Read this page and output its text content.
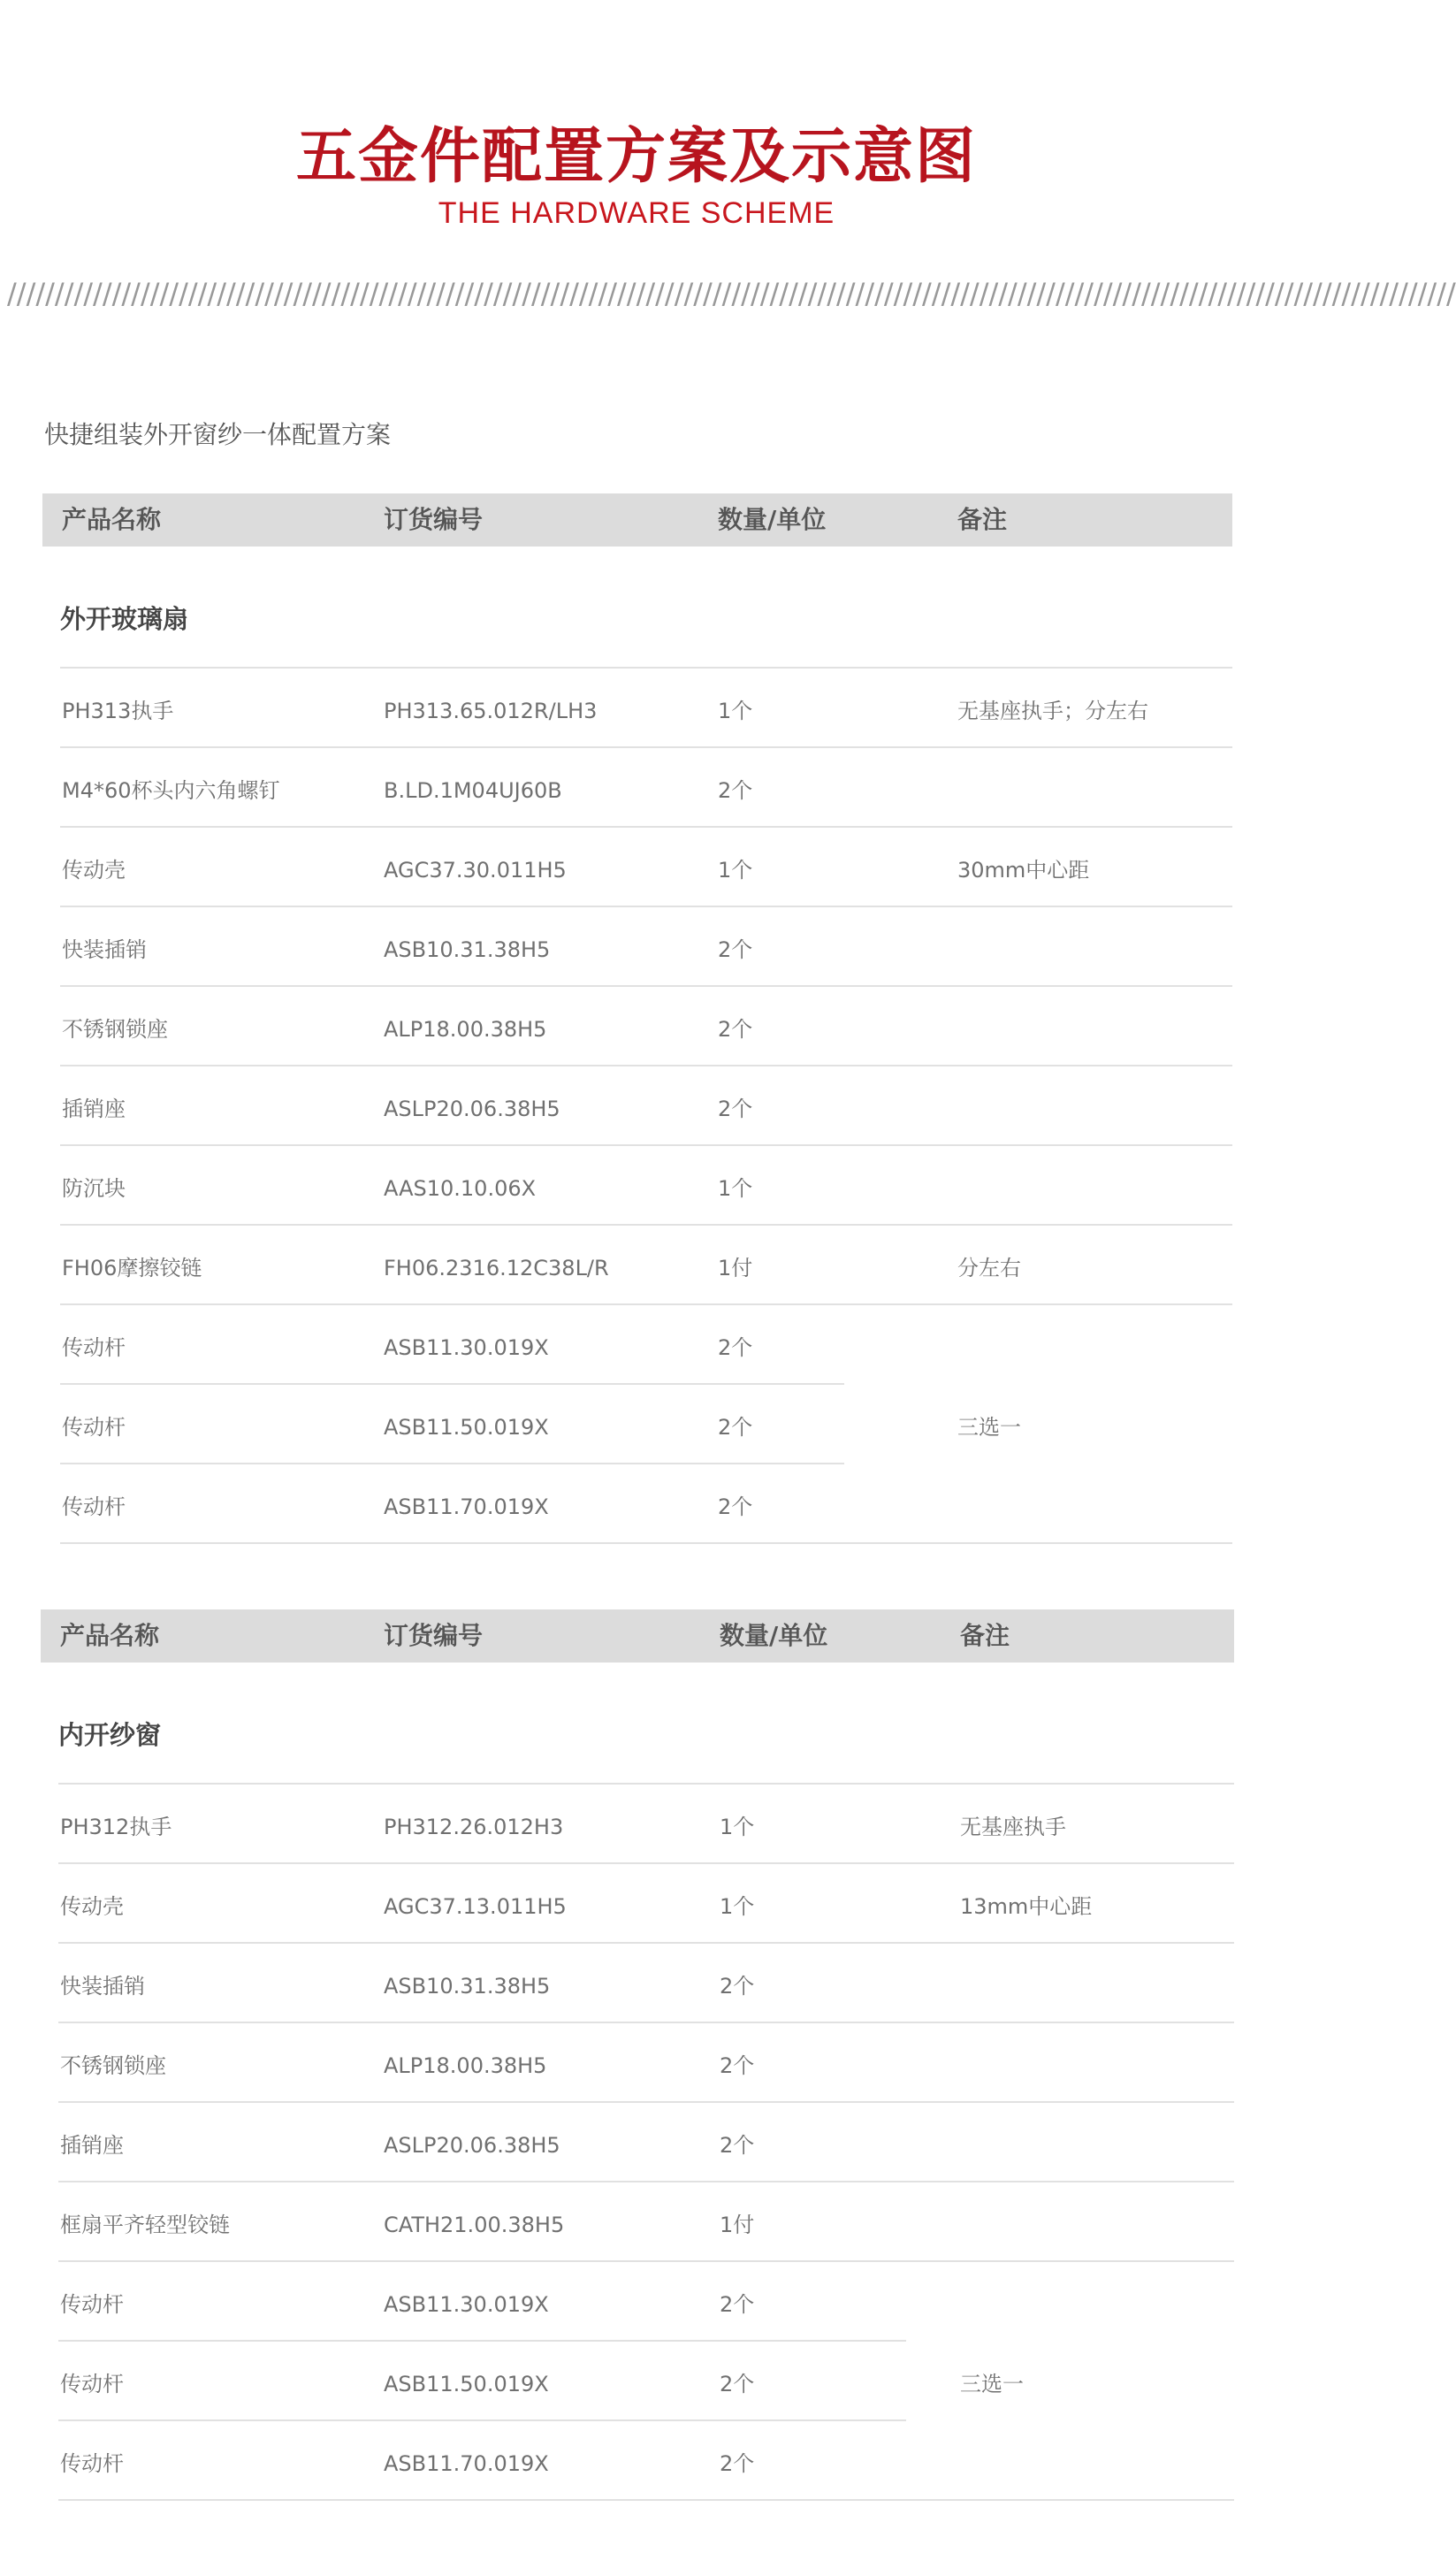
五金件配置方案及示意图
THE HARDWARE SCHEME
////////////////////////////////////////////////////////////////////////////////////////////////////////////////////////////////////////////////////////
快捷组装外开窗纱一体配置方案
产品名称	订货编号	数量/单位	备注
外开玻璃扇
PH313执手	PH313.65.012R/LH3	1个	无基座执手；分左右
M4*60杯头内六角螺钉	B.LD.1M04UJ60B	2个
传动壳	AGC37.30.011H5	1个	30mm中心距
快装插销	ASB10.31.38H5	2个
不锈钢锁座	ALP18.00.38H5	2个
插销座	ASLP20.06.38H5	2个
防沉块	AAS10.10.06X	1个
FH06摩擦铰链	FH06.2316.12C38L/R	1付	分左右
传动杆	ASB11.30.019X	2个
传动杆	ASB11.50.019X	2个
传动杆	ASB11.70.019X	2个
三选一
产品名称	订货编号	数量/单位	备注
内开纱窗
PH312执手	PH312.26.012H3	1个	无基座执手
传动壳	AGC37.13.011H5	1个	13mm中心距
快装插销	ASB10.31.38H5	2个
不锈钢锁座	ALP18.00.38H5	2个
插销座	ASLP20.06.38H5	2个
框扇平齐轻型铰链	CATH21.00.38H5	1付
传动杆	ASB11.30.019X	2个
传动杆	ASB11.50.019X	2个
传动杆	ASB11.70.019X	2个
三选一
